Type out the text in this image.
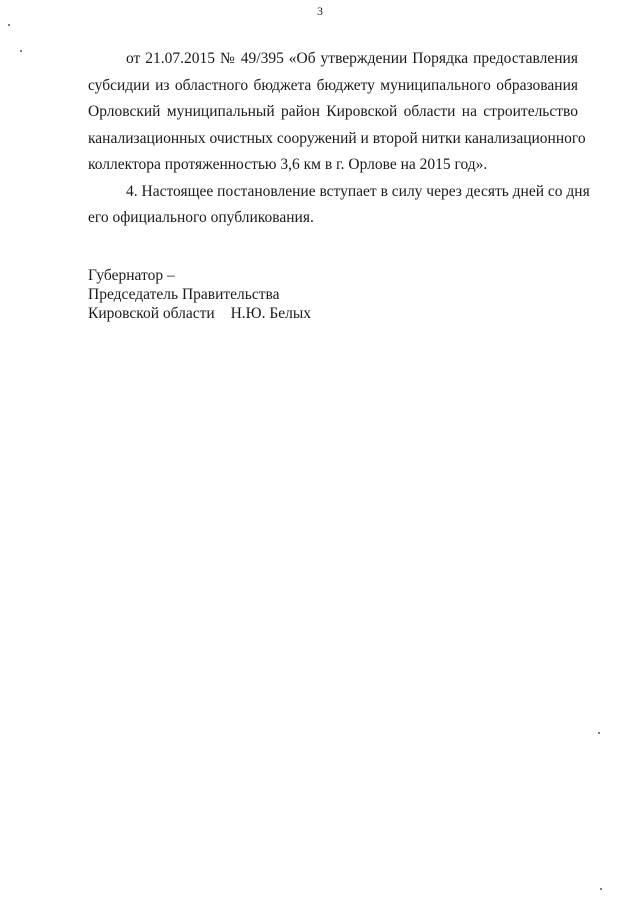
3

от 21.07.2015 № 49/395 «Об утверждении Порядка предоставления
субсидии из областного бюджета бюджету муниципального образования
Орловский муниципальный район Кировской области на строительство
канализационных очистных сооружений и второй нитки канализационного
коллектора протяженностью 3,6 км в г. Орлове на 2015 год».

4. Настоящее постановление вступает в силу через десять дней со дня
его официального опубликования.

Губернатор –
Председатель Правительства
Кировской области Н.Ю. Белых
